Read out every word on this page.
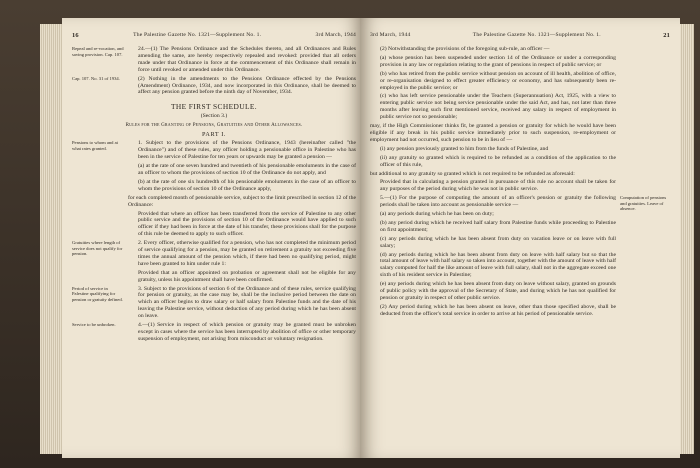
16	The Palestine Gazette No. 1321—Supplement No. 1.	3rd March, 1944
Repeal and re-vocation, and saving provision. Cap. 107.

24.—(1) The Pensions Ordinance and the Schedules thereto, and all Ordinances and Rules amending the same, are hereby respectively repealed and revoked: provided that all orders made under that Ordinance in force at the commencement of this Ordinance shall remain in force until revoked or amended under this Ordinance.

Cap. 107. No. 31 of 1934.	(2) Nothing in the amendments to the Pensions Ordinance effected by the Pensions (Amendment) Ordinance, 1934, and now incorporated in this Ordinance, shall be deemed to affect any pension granted before the ninth day of November, 1934.

THE FIRST SCHEDULE.
(Section 3.)
Rules for the Granting of Pensions, Gratuities and Other Allowances.
PART I.
Pensions to whom and at what rates granted.

1. Subject to the provisions of the Pensions Ordinance, 1943 (hereinafter called "the Ordinance") and of these rules, any officer holding a pensionable office in Palestine who has been in the service of Palestine for ten years or upwards may be granted a pension —

(a) at the rate of one seven hundred and twentieth of his pensionable emoluments in the case of an officer to whom the provisions of section 10 of the Ordinance do not apply, and

(b) at the rate of one six hundredth of his pensionable emoluments in the case of an officer to whom the provisions of section 10 of the Ordinance apply,

for each completed month of pensionable service, subject to the limit prescribed in section 12 of the Ordinance:

Provided that where an officer has been transferred from the service of Palestine to any other public service and the provisions of section 10 of the Ordinance would have applied to such officer if they had been in force at the date of his transfer, these provisions shall for the purpose of this rule be deemed to apply to such officer.

Gratuities where length of service does not qualify for pension.

2. Every officer, otherwise qualified for a pension, who has not completed the minimum period of service qualifying for a pension, may be granted on retirement a gratuity not exceeding five times the annual amount of the pension which, if there had been no qualifying period, might have been granted to him under rule 1:

Provided that an officer appointed on probation or agreement shall not be eligible for any gratuity, unless his appointment shall have been confirmed.

Period of service in Palestine qualifying for pension or gratuity defined.

3. Subject to the provisions of section 6 of the Ordinance and of these rules, service qualifying for pension or gratuity, as the case may be, shall be the inclusive period between the date on which an officer begins to draw salary or half salary from Palestine funds and the date of his leaving the Palestine service, without deduction of any period during which he has been absent on leave.

Service to be unbroken.	4.—(1) Service in respect of which pension or gratuity may be granted must be unbroken except in cases where the service has been interrupted by abolition of office or other temporary suspension of employment, not arising from misconduct or voluntary resignation.

3rd March, 1944	The Palestine Gazette No. 1321—Supplement No. 1.	21

(2) Notwithstanding the provisions of the foregoing sub-rule, an officer —

(a) whose pension has been suspended under section 14 of the Ordinance or under a corresponding provision in any law or regulation relating to the grant of pensions in respect of public service; or

(b) who has retired from the public service without pension on account of ill health, abolition of office, or re-organisation designed to effect greater efficiency or economy, and has subsequently been re-employed in the public service; or

(c) who has left service pensionable under the Teachers (Superannuation) Act, 1925, with a view to entering public service not being service pensionable under the said Act, and has, not later than three months after leaving such first mentioned service, received any salary in respect of employment in public service not so pensionable;

may, if the High Commissioner thinks fit, be granted a pension or gratuity for which he would have been eligible if any break in his public service immediately prior to such suspension, re-employment or employment had not occurred, such pension to be in lieu of —

(i) any pension previously granted to him from the funds of Palestine, and

(ii) any gratuity so granted which is required to be refunded as a condition of the application to the officer of this rule,

but additional to any gratuity so granted which is not required to be refunded as aforesaid:

Provided that in calculating a pension granted in pursuance of this rule no account shall be taken for any purposes of the period during which he was not in public service.

5.—(1) For the purpose of computing the amount of an officer's pension or gratuity the following periods shall be taken into account as pensionable service —

(a) any periods during which he has been on duty;

(b) any period during which he received half salary from Palestine funds while proceeding to Palestine on first appointment;

(c) any periods during which he has been absent from duty on vacation leave or on leave with full salary;

(d) any periods during which he has been absent from duty on leave with half salary but so that the total amount of leave with half salary so taken into account, together with the amount of leave with half salary computed for half the like amount of leave with full salary, shall not in the aggregate exceed one sixth of his resident service in Palestine;

(e) any periods during which he has been absent from duty on leave without salary, granted on grounds of public policy with the approval of the Secretary of State, and during which he has not qualified for pension or gratuity in respect of other public service.

(2) Any period during which he has been absent on leave, other than those specified above, shall be deducted from the officer's total service in order to arrive at his period of pensionable service.

Computation of pensions and gratuities. Leave of absence.
